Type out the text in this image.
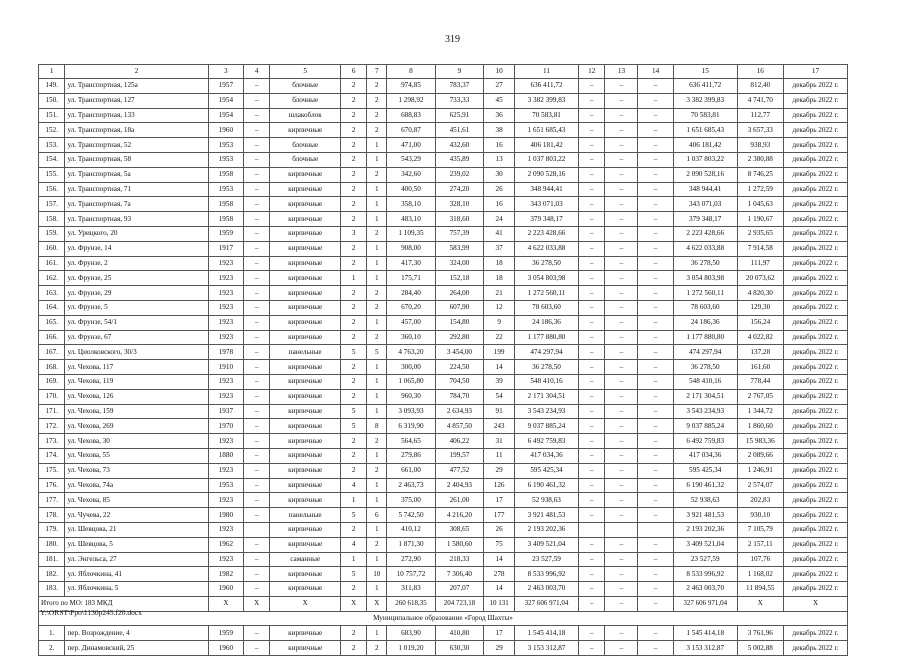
319
1	2	3	4	5	6	7	8	9	10	11	12	13	14	15	16	17
149.	ул. Транспортная, 125а	1957	–	блочные	2	2	974,85	783,37	27	636 411,72	–	–	–	636 411,72	812,40	декабрь 2022 г.
150.	ул. Транспортная, 127	1954	–	блочные	2	2	1 298,92	733,33	45	3 382 399,83	–	–	–	3 382 399,83	4 741,70	декабрь 2022 г.
151.	ул. Транспортная, 133	1954	–	шлакоблок	2	2	688,83	625,91	36	70 583,81	–	–	–	70 583,81	112,77	декабрь 2022 г.
152.	ул. Транспортная, 18а	1960	–	кирпичные	2	2	670,87	451,61	38	1 651 685,43	–	–	–	1 651 685,43	3 657,33	декабрь 2022 г.
153.	ул. Транспортная, 52	1953	–	блочные	2	1	471,00	432,60	16	406 181,42	–	–	–	406 181,42	938,93	декабрь 2022 г.
154.	ул. Транспортная, 58	1953	–	блочные	2	1	543,29	435,89	13	1 037 803,22	–	–	–	1 037 803,22	2 380,88	декабрь 2022 г.
155.	ул. Транспортная, 5а	1958	–	кирпичные	2	2	342,60	239,02	30	2 090 528,16	–	–	–	2 090 528,16	8 746,25	декабрь 2022 г.
156.	ул. Транспортная, 71	1953	–	кирпичные	2	1	400,50	274,20	26	348 944,41	–	–	–	348 944,41	1 272,59	декабрь 2022 г.
157.	ул. Транспортная, 7а	1958	–	кирпичные	2	1	358,10	328,10	16	343 071,03	–	–	–	343 071,03	1 045,63	декабрь 2022 г.
158.	ул. Транспортная, 93	1958	–	кирпичные	2	1	483,10	318,60	24	379 348,17	–	–	–	379 348,17	1 190,67	декабрь 2022 г.
159.	ул. Урицкого, 20	1959	–	кирпичные	3	2	1 109,35	757,39	41	2 223 428,66	–	–	–	2 223 428,66	2 935,65	декабрь 2022 г.
160.	ул. Фрунзе, 14	1917	–	кирпичные	2	1	908,00	583,99	37	4 622 033,88	–	–	–	4 622 033,88	7 914,58	декабрь 2022 г.
161.	ул. Фрунзе, 2	1923	–	кирпичные	2	1	417,30	324,00	18	36 278,50	–	–	–	36 278,50	111,97	декабрь 2022 г.
162.	ул. Фрунзе, 25	1923	–	кирпичные	1	1	175,71	152,18	18	3 054 803,98	–	–	–	3 054 803,98	20 073,62	декабрь 2022 г.
163.	ул. Фрунзе, 29	1923	–	кирпичные	2	2	284,40	264,00	21	1 272 560,11	–	–	–	1 272 560,11	4 820,30	декабрь 2022 г.
164.	ул. Фрунзе, 5	1923	–	кирпичные	2	2	670,20	607,90	12	78 603,60	–	–	–	78 603,60	129,30	декабрь 2022 г.
165.	ул. Фрунзе, 54/1	1923	–	кирпичные	2	1	457,00	154,80	9	24 186,36	–	–	–	24 186,36	156,24	декабрь 2022 г.
166.	ул. Фрунзе, 67	1923	–	кирпичные	2	2	360,10	292,80	22	1 177 880,80	–	–	–	1 177 880,80	4 022,82	декабрь 2022 г.
167.	ул. Циолковского, 30/3	1978	–	панельные	5	5	4 763,20	3 454,00	199	474 297,94	–	–	–	474 297,94	137,28	декабрь 2022 г.
168.	ул. Чехова, 117	1910	–	кирпичные	2	1	300,00	224,50	14	36 278,50	–	–	–	36 278,50	161,60	декабрь 2022 г.
169.	ул. Чехова, 119	1923	–	кирпичные	2	1	1 065,80	704,50	39	548 410,16	–	–	–	548 410,16	778,44	декабрь 2022 г.
170.	ул. Чехова, 126	1923	–	кирпичные	2	1	960,30	784,70	54	2 171 304,51	–	–	–	2 171 304,51	2 767,05	декабрь 2022 г.
171.	ул. Чехова, 159	1937	–	кирпичные	5	1	3 093,93	2 634,93	91	3 543 234,93	–	–	–	3 543 234,93	1 344,72	декабрь 2022 г.
172.	ул. Чехова, 269	1970	–	кирпичные	5	8	6 319,90	4 857,50	243	9 037 885,24	–	–	–	9 037 885,24	1 860,60	декабрь 2022 г.
173.	ул. Чехова, 30	1923	–	кирпичные	2	2	564,65	406,22	31	6 492 759,83	–	–	–	6 492 759,83	15 983,36	декабрь 2022 г.
174.	ул. Чехова, 55	1880	–	кирпичные	2	1	279,86	199,57	11	417 034,36	–	–	–	417 034,36	2 089,66	декабрь 2022 г.
175.	ул. Чехова, 73	1923	–	кирпичные	2	2	661,00	477,52	29	595 425,34	–	–	–	595 425,34	1 246,91	декабрь 2022 г.
176.	ул. Чехова, 74а	1953	–	кирпичные	4	1	2 463,73	2 404,93	126	6 190 461,32	–	–	–	6 190 461,32	2 574,07	декабрь 2022 г.
177.	ул. Чехова, 85	1923	–	кирпичные	1	1	375,00	261,00	17	52 938,63	–	–	–	52 938,63	202,83	декабрь 2022 г.
178.	ул. Чучева, 22	1980	–	панельные	5	6	5 742,50	4 216,20	177	3 921 481,53	–	–	–	3 921 481,53	930,10	декабрь 2022 г.
179.	ул. Шевцова, 21	1923		кирпичные	2	1	410,12	308,65	26	2 193 202,36				2 193 202,36	7 105,79	декабрь 2022 г.
180.	ул. Шевцова, 5	1962	–	кирпичные	4	2	1 871,30	1 580,60	75	3 409 521,04	–	–	–	3 409 521,04	2 157,11	декабрь 2022 г.
181.	ул. Энгельса, 27	1923	–	саманные	1	1	272,90	218,33	14	23 527,59	–	–	–	23 527,59	107,76	декабрь 2022 г.
182.	ул. Яблочкина, 41	1982	–	кирпичные	5	10	10 757,72	7 306,40	278	8 533 996,92	–	–	–	8 533 996,92	1 168,02	декабрь 2022 г.
183.	ул. Яблочкина, 5	1960	–	кирпичные	2	1	311,83	207,07	14	2 463 003,70	–	–	–	2 463 003,70	11 894,55	декабрь 2022 г.
Итого по МО: 183 МКД		X	X	X	X	X	260 618,35	204 723,18	10 131	327 606 971,04	–	–	–	327 606 971,04	X	X
Муниципальное образование «Город Шахты»																
1.	пер. Возрождение, 4	1959	–	кирпичные	2	1	683,90	410,80	17	1 545 414,18	–	–	–	1 545 414,18	3 761,96	декабрь 2022 г.
2.	пер. Динамовский, 25	1960	–	кирпичные	2	2	1 019,20	630,30	29	3 153 312,87	–	–	–	3 153 312,87	5 002,88	декабрь 2022 г.
Y:\ORST\Ppo\1130p245.f20.docx
